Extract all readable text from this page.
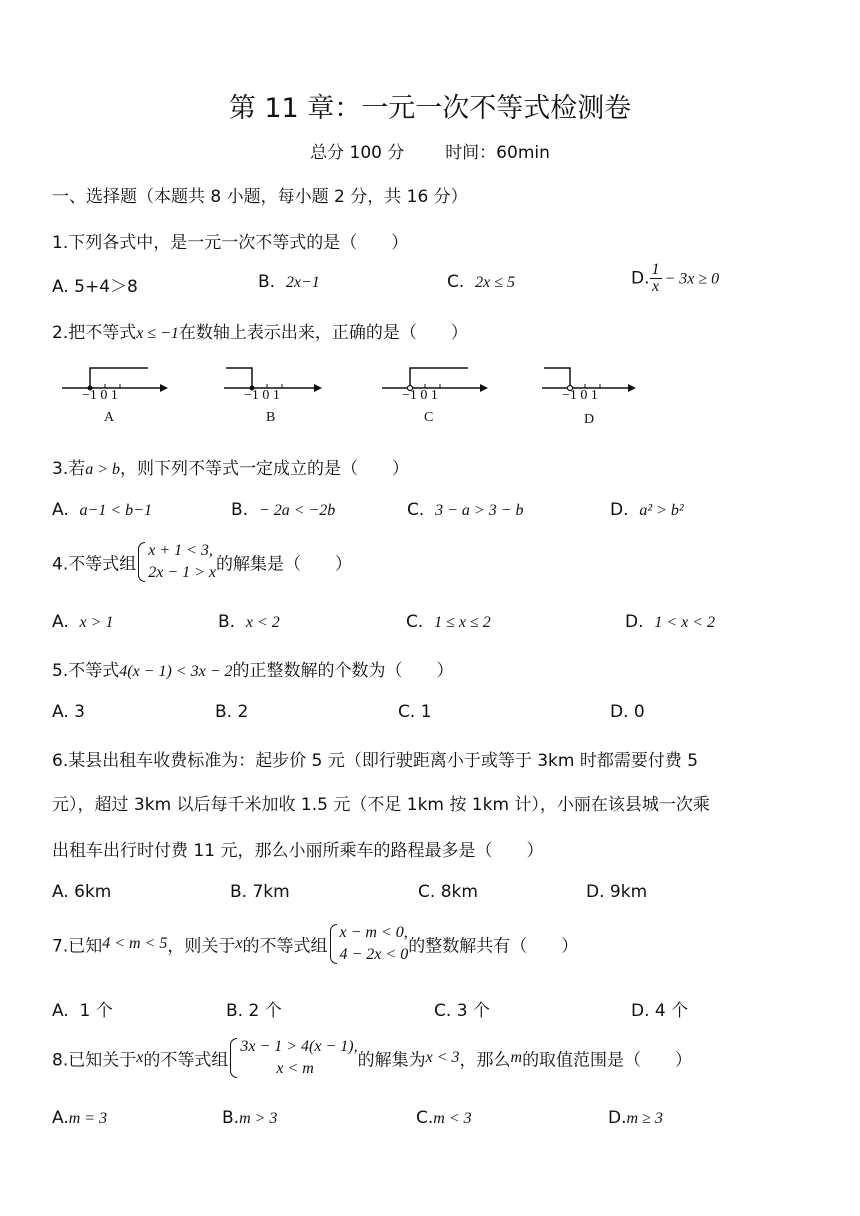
第 11 章：一元一次不等式检测卷
总分 100 分 时间：60min
一、选择题（本题共 8 小题，每小题 2 分，共 16 分）
1.下列各式中，是一元一次不等式的是（　　）
A. 5+4＞8	B. 2x−1	C. 2x ≤ 5	D. $\frac{1}{x} - 3x \ge 0$
2.把不等式x ≤ −1在数轴上表示出来，正确的是（　　）
−1 0 1
A
−1 0 1
B
−1 0 1
C
−1 0 1
D
3.若a > b，则下列不等式一定成立的是（　　）
A. a−1 < b−1	B. − 2a < −2b	C. 3 − a > 3 − b	D. a² > b²
4.不等式组
x + 1 < 3,
2x − 1 > x 的解集是（　　）
A. x > 1	B. x < 2	C. 1 ≤ x ≤ 2	D. 1 < x < 2
5.不等式4(x − 1) < 3x − 2的正整数解的个数为（　　）
A. 3	B. 2	C. 1	D. 0
6.某县出租车收费标准为：起步价 5 元（即行驶距离小于或等于 3km 时都需要付费 5
元），超过 3km 以后每千米加收 1.5 元（不足 1km 按 1km 计），小丽在该县城一次乘
出租车出行时付费 11 元，那么小丽所乘车的路程最多是（　　）
A. 6km	B. 7km	C. 8km	D. 9km
7.已知4 < m < 5，则关于x的不等式组
x − m < 0,
4 − 2x < 0 的整数解共有（　　）
A. 1 个	B. 2 个	C. 3 个	D. 4 个
8.已知关于x的不等式组
3x − 1 > 4(x − 1),
x < m	的解集为x < 3，那么m的取值范围是（　　）
A.m = 3	B.m > 3	C.m < 3	D.m ≥ 3
